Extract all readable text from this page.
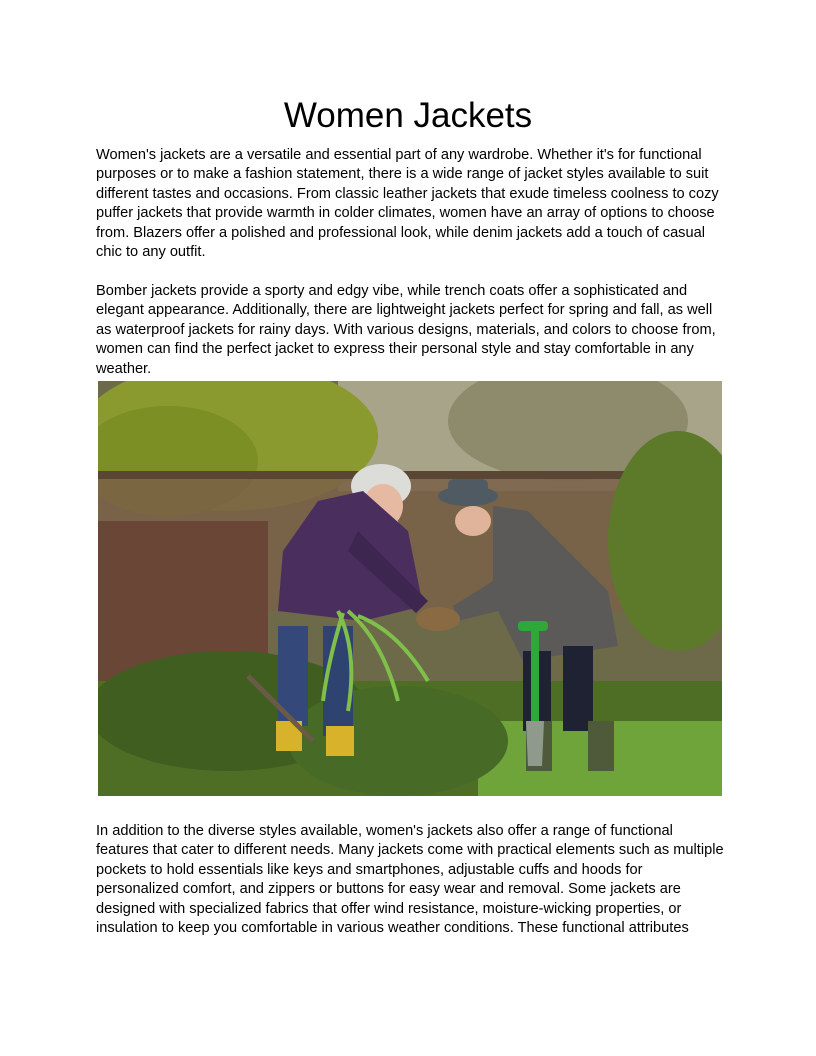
Women Jackets

Women's jackets are a versatile and essential part of any wardrobe. Whether it's for functional purposes or to make a fashion statement, there is a wide range of jacket styles available to suit different tastes and occasions. From classic leather jackets that exude timeless coolness to cozy puffer jackets that provide warmth in colder climates, women have an array of options to choose from. Blazers offer a polished and professional look, while denim jackets add a touch of casual chic to any outfit.

Bomber jackets provide a sporty and edgy vibe, while trench coats offer a sophisticated and elegant appearance. Additionally, there are lightweight jackets perfect for spring and fall, as well as waterproof jackets for rainy days. With various designs, materials, and colors to choose from, women can find the perfect jacket to express their personal style and stay comfortable in any weather.

In addition to the diverse styles available, women's jackets also offer a range of functional features that cater to different needs. Many jackets come with practical elements such as multiple pockets to hold essentials like keys and smartphones, adjustable cuffs and hoods for personalized comfort, and zippers or buttons for easy wear and removal. Some jackets are designed with specialized fabrics that offer wind resistance, moisture-wicking properties, or insulation to keep you comfortable in various weather conditions. These functional attributes
